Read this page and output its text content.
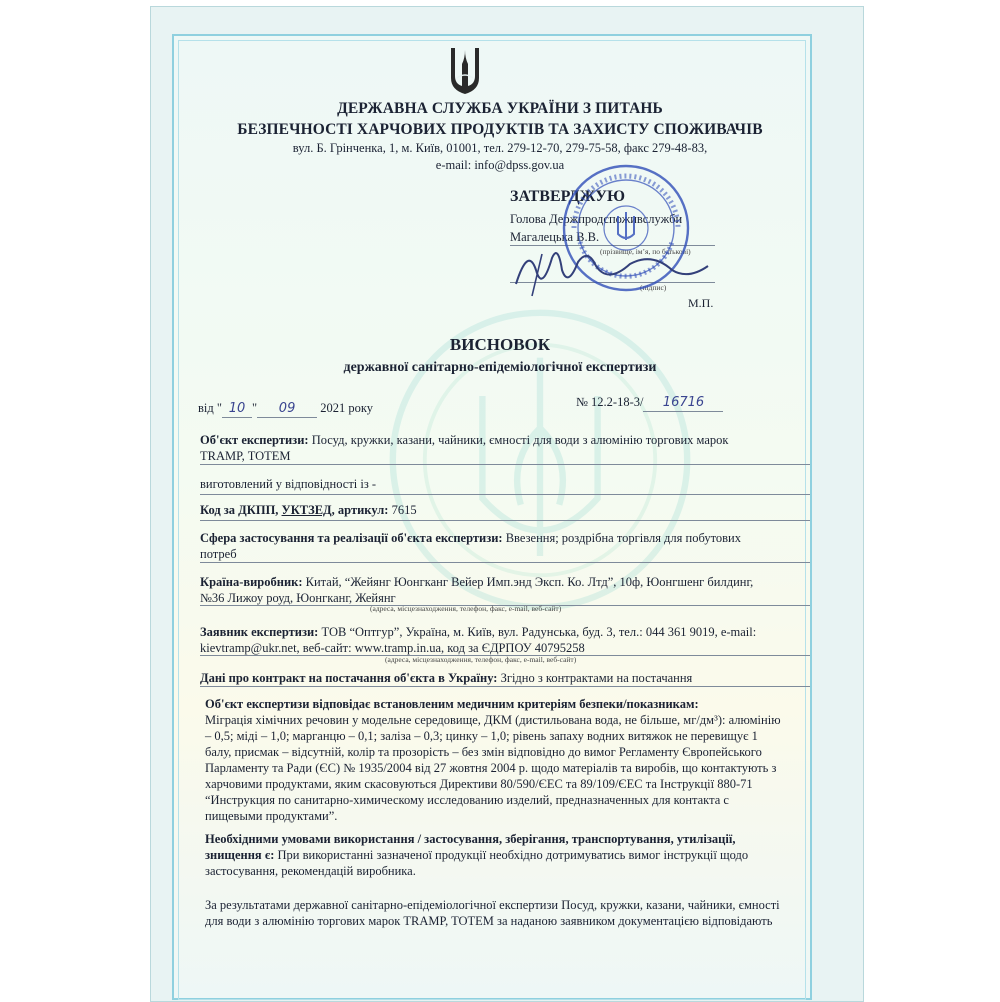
ДЕРЖАВНА СЛУЖБА УКРАЇНИ З ПИТАНЬ
БЕЗПЕЧНОСТІ ХАРЧОВИХ ПРОДУКТІВ ТА ЗАХИСТУ СПОЖИВАЧІВ
вул. Б. Грінченка, 1, м. Київ, 01001, тел. 279-12-70, 279-75-58, факс 279-48-83,
e-mail: info@dpss.gov.ua
ЗАТВЕРДЖУЮ
Голова Держпродспоживслужби
Магалецька В.В.
(прізвище, ім’я, по батькові)
(підпис)
М.П.
ВИСНОВОК
державної санітарно-епідеміологічної експертизи
від " 10 " 09 2021 року	№ 12.2-18-3/ 16716
Об'єкт експертизи: Посуд, кружки, казани, чайники, ємності для води з алюмінію торгових марок
TRAMP, TOTEM
виготовлений у відповідності із -
Код за ДКПП, УКТЗЕД, артикул: 7615
Сфера застосування та реалізації об'єкта експертизи: Ввезення; роздрібна торгівля для побутових
потреб
Країна-виробник: Китай, “Жейянг Юонгканг Вейер Имп.энд Эксп. Ко. Лтд”, 10ф, Юонгшенг билдинг,
№36 Лижоу роуд, Юонгканг, Жейянг
(адреса, місцезнаходження, телефон, факс, e-mail, веб-сайт)
Заявник експертизи: ТОВ “Оптгур”, Україна, м. Київ, вул. Радунська, буд. 3, тел.: 044 361 9019, e-mail:
kievtramp@ukr.net, веб-сайт: www.tramp.in.ua, код за ЄДРПОУ 40795258
(адреса, місцезнаходження, телефон, факс, e-mail, веб-сайт)
Дані про контракт на постачання об'єкта в Україну: Згідно з контрактами на постачання
Об'єкт експертизи відповідає встановленим медичним критеріям безпеки/показникам:
Міграція хімічних речовин у модельне середовище, ДКМ (дистильована вода, не більше, мг/дм³): алюмінію
– 0,5; міді – 1,0; марганцю – 0,1; заліза – 0,3; цинку – 1,0; рівень запаху водних витяжок не перевищує 1
балу, присмак – відсутній, колір та прозорість – без змін відповідно до вимог Регламенту Європейського
Парламенту та Ради (ЄС) № 1935/2004 від 27 жовтня 2004 р. щодо матеріалів та виробів, що контактують з
харчовими продуктами, яким скасовуються Директиви 80/590/ЄЕС та 89/109/ЄЕС та Інструкції 880-71
“Инструкция по санитарно-химическому исследованию изделий, предназначенных для контакта с
пищевыми продуктами”.
Необхідними умовами використання / застосування, зберігання, транспортування, утилізації,
знищення є: При використанні зазначеної продукції необхідно дотримуватись вимог інструкції щодо
застосування, рекомендацій виробника.
За результатами державної санітарно-епідеміологічної експертизи Посуд, кружки, казани, чайники, ємності
для води з алюмінію торгових марок TRAMP, TOTEM за наданою заявником документацією відповідають
